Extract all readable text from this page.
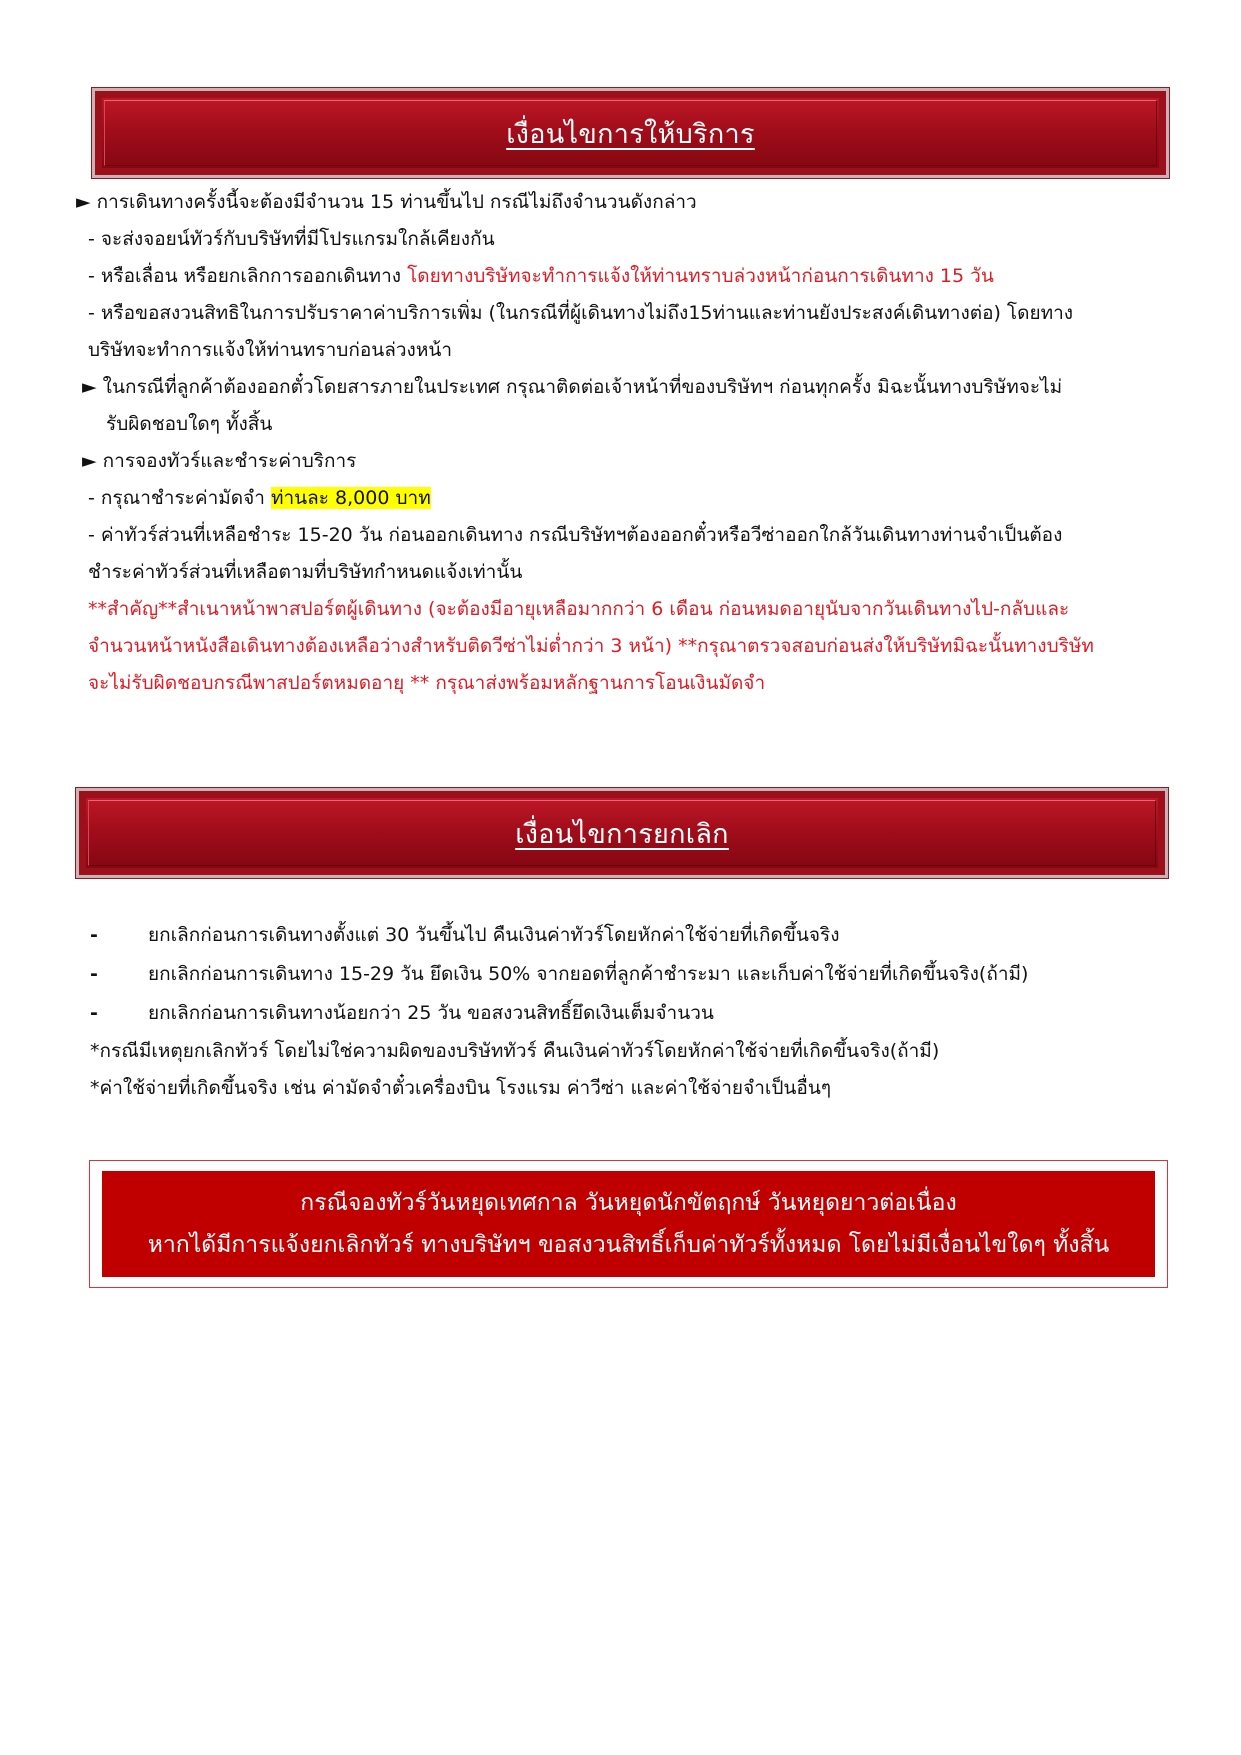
เงื่อนไขการให้บริการ
► การเดินทางครั้งนี้จะต้องมีจำนวน 15 ท่านขึ้นไป กรณีไม่ถึงจำนวนดังกล่าว
- จะส่งจอยน์ทัวร์กับบริษัทที่มีโปรแกรมใกล้เคียงกัน
- หรือเลื่อน หรือยกเลิกการออกเดินทาง โดยทางบริษัทจะทำการแจ้งให้ท่านทราบล่วงหน้าก่อนการเดินทาง 15 วัน
- หรือขอสงวนสิทธิในการปรับราคาค่าบริการเพิ่ม (ในกรณีที่ผู้เดินทางไม่ถึง15ท่านและท่านยังประสงค์เดินทางต่อ) โดยทาง
บริษัทจะทำการแจ้งให้ท่านทราบก่อนล่วงหน้า
► ในกรณีที่ลูกค้าต้องออกตั๋วโดยสารภายในประเทศ กรุณาติดต่อเจ้าหน้าที่ของบริษัทฯ ก่อนทุกครั้ง มิฉะนั้นทางบริษัทจะไม่
รับผิดชอบใดๆ ทั้งสิ้น
► การจองทัวร์และชำระค่าบริการ
- กรุณาชำระค่ามัดจำ ท่านละ 8,000 บาท
- ค่าทัวร์ส่วนที่เหลือชำระ 15-20 วัน ก่อนออกเดินทาง กรณีบริษัทฯต้องออกตั๋วหรือวีซ่าออกใกล้วันเดินทางท่านจำเป็นต้อง
ชำระค่าทัวร์ส่วนที่เหลือตามที่บริษัทกำหนดแจ้งเท่านั้น
**สำคัญ**สำเนาหน้าพาสปอร์ตผู้เดินทาง (จะต้องมีอายุเหลือมากกว่า 6 เดือน ก่อนหมดอายุนับจากวันเดินทางไป-กลับและ
จำนวนหน้าหนังสือเดินทางต้องเหลือว่างสำหรับติดวีซ่าไม่ต่ำกว่า 3 หน้า) **กรุณาตรวจสอบก่อนส่งให้บริษัทมิฉะนั้นทางบริษัท
จะไม่รับผิดชอบกรณีพาสปอร์ตหมดอายุ ** กรุณาส่งพร้อมหลักฐานการโอนเงินมัดจำ
เงื่อนไขการยกเลิก
-	ยกเลิกก่อนการเดินทางตั้งแต่ 30 วันขึ้นไป คืนเงินค่าทัวร์โดยหักค่าใช้จ่ายที่เกิดขึ้นจริง
-	ยกเลิกก่อนการเดินทาง 15-29 วัน ยึดเงิน 50% จากยอดที่ลูกค้าชำระมา และเก็บค่าใช้จ่ายที่เกิดขึ้นจริง(ถ้ามี)
-	ยกเลิกก่อนการเดินทางน้อยกว่า 25 วัน ขอสงวนสิทธิ์ยึดเงินเต็มจำนวน
*กรณีมีเหตุยกเลิกทัวร์ โดยไม่ใช่ความผิดของบริษัททัวร์ คืนเงินค่าทัวร์โดยหักค่าใช้จ่ายที่เกิดขึ้นจริง(ถ้ามี)
*ค่าใช้จ่ายที่เกิดขึ้นจริง เช่น ค่ามัดจำตั๋วเครื่องบิน โรงแรม ค่าวีซ่า และค่าใช้จ่ายจำเป็นอื่นๆ
กรณีจองทัวร์วันหยุดเทศกาล วันหยุดนักขัตฤกษ์ วันหยุดยาวต่อเนื่อง
หากได้มีการแจ้งยกเลิกทัวร์ ทางบริษัทฯ ขอสงวนสิทธิ์เก็บค่าทัวร์ทั้งหมด โดยไม่มีเงื่อนไขใดๆ ทั้งสิ้น
